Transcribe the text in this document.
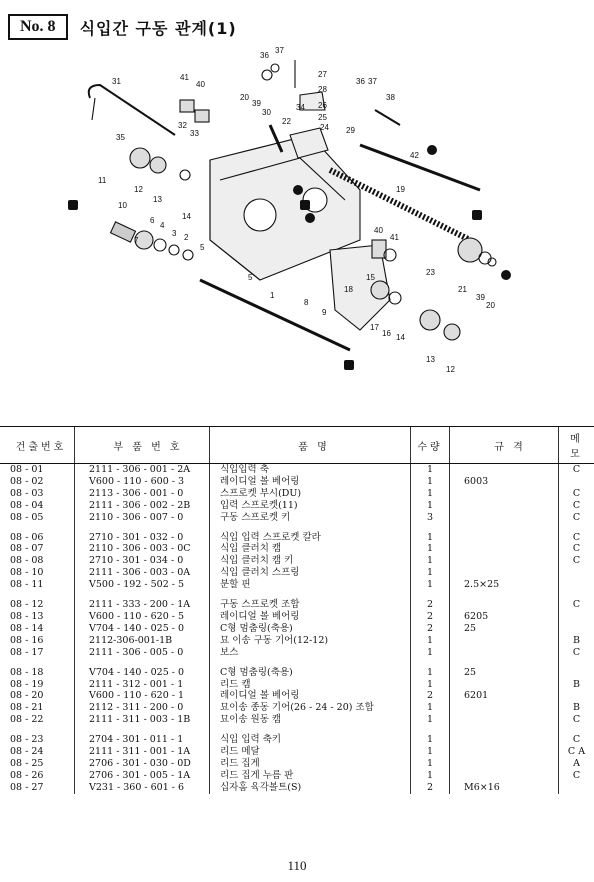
No. 8	식입간 구동 관계(1)
31
35
41
40
36
37
27
28
26
25
24 29
20
39
30
22
34
32
33
36 37
38
42
12
13
14
19
11
10
1
7
6
4
3 2
5
5
8
9
40
41
23
21
39
20
17
16 14
13
12
15
18
건출번호	부 품 번 호	품 명	수량	규 격	메 모
08 - 01	2111 - 306 - 001 - 2A	식입입력 축	1		C
08 - 02	V600 - 110 - 600 - 3	레이디얼 볼 베어링	1	6003	
08 - 03	2113 - 306 - 001 - 0	스프로켓 부시(DU)	1		C
08 - 04	2111 - 306 - 002 - 2B	입력 스프로켓(11)	1		C
08 - 05	2110 - 306 - 007 - 0	구동 스프로켓 키	3		C

08 - 06	2710 - 301 - 032 - 0	식입 입력 스프로켓 칼라	1		C
08 - 07	2110 - 306 - 003 - 0C	식입 클러치 캠	1		C
08 - 08	2710 - 301 - 034 - 0	식입 클러치 캠 키	1		C
08 - 10	2111 - 306 - 003 - 0A	식입 클러치 스프링	1		
08 - 11	V500 - 192 - 502 - 5	분할 핀	1	2.5×25	

08 - 12	2111 - 333 - 200 - 1A	구동 스프로켓 조합	2		C
08 - 13	V600 - 110 - 620 - 5	레이디얼 볼 베어링	2	6205	
08 - 14	V704 - 140 - 025 - 0	C형 멈춤링(축용)	2	25	
08 - 16	2112-306-001-1B	묘 이송 구동 기어(12-12)	1		B
08 - 17	2111 - 306 - 005 - 0	보스	1		C

08 - 18	V704 - 140 - 025 - 0	C형 멈춤링(축용)	1	25	
08 - 19	2111 - 312 - 001 - 1	리드 캠	1		B
08 - 20	V600 - 110 - 620 - 1	레이디얼 볼 베어링	2	6201	
08 - 21	2112 - 311 - 200 - 0	묘이송 종동 기어(26 - 24 - 20) 조합	1		B
08 - 22	2111 - 311 - 003 - 1B	묘이송 원동 캠	1		C

08 - 23	2704 - 301 - 011 - 1	식입 입력 축키	1		C
08 - 24	2111 - 311 - 001 - 1A	리드 메달	1		C A
08 - 25	2706 - 301 - 030 - 0D	리드 집게	1		A
08 - 26	2706 - 301 - 005 - 1A	리드 집게 누름 판	1		C
08 - 27	V231 - 360 - 601 - 6	십자홈 육각볼트(S)	2	M6×16	
110
